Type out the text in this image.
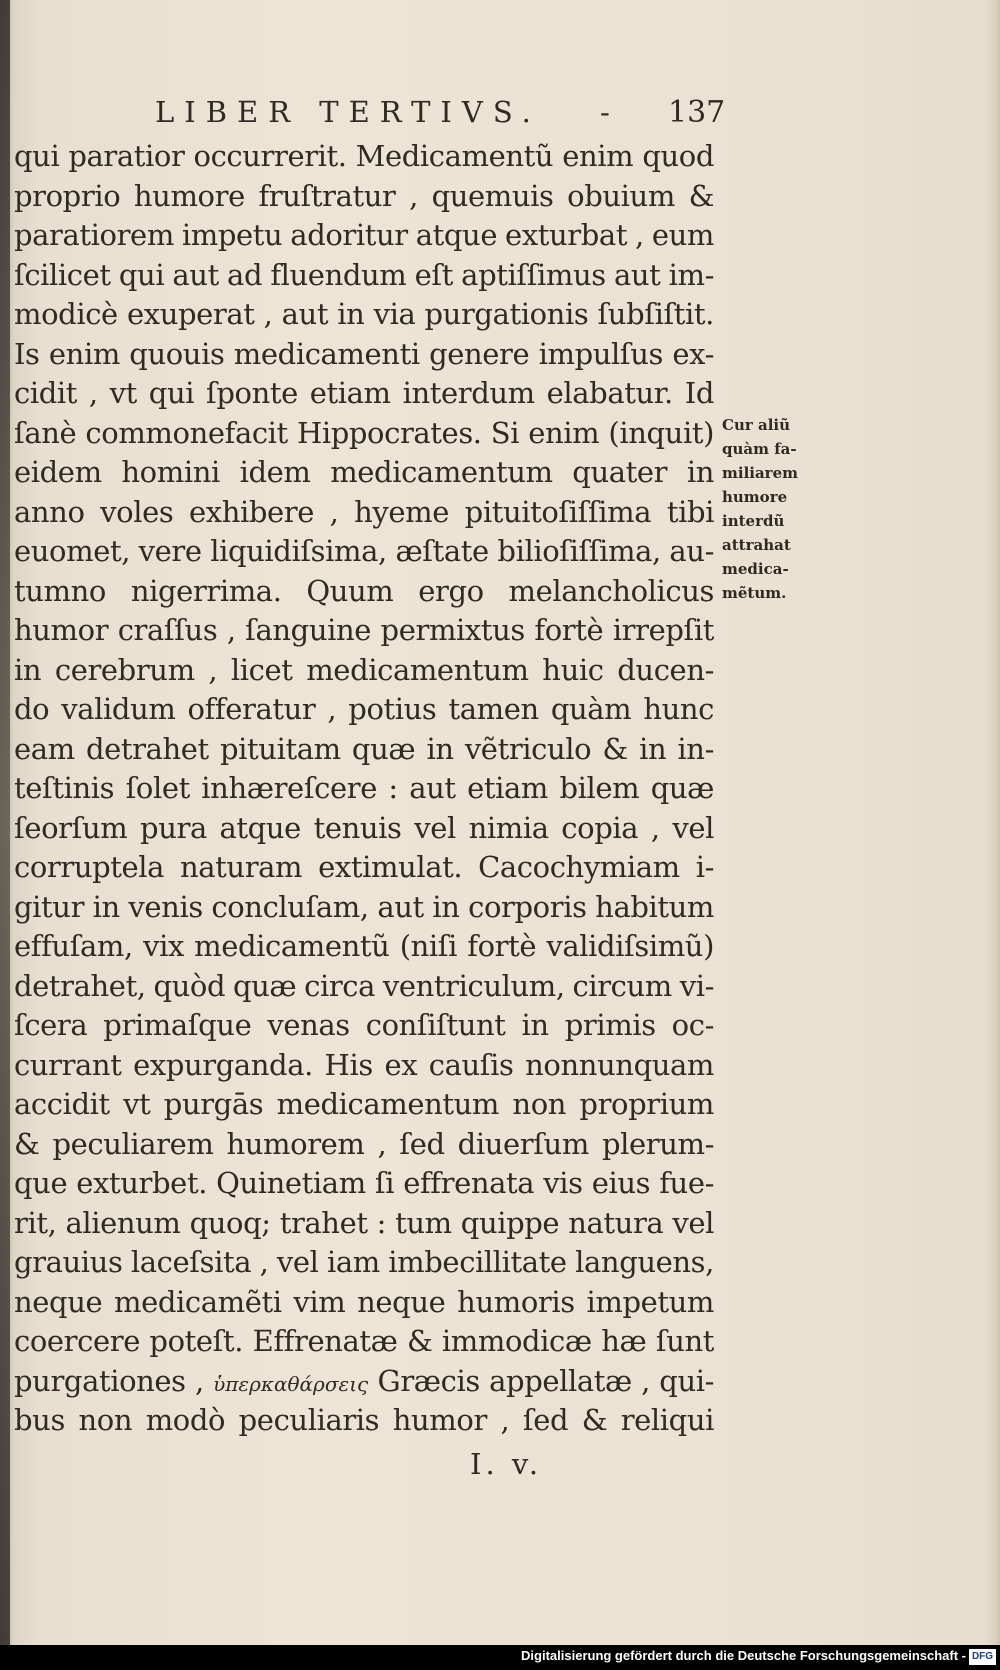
LIBER TERTIVS. - 137
qui paratior occurrerit. Medicamentũ enim quod
proprio humore fruſtratur , quemuis obuium &
paratiorem impetu adoritur atque exturbat , eum
ſcilicet qui aut ad fluendum eſt aptiſſimus aut im-
modicè exuperat , aut in via purgationis ſubſiſtit.
Is enim quouis medicamenti genere impulſus ex-
cidit , vt qui ſponte etiam interdum elabatur. Id
ſanè commonefacit Hippocrates. Si enim (inquit)
eidem homini idem medicamentum quater in
anno voles exhibere , hyeme pituitoſiſſima tibi
euomet, vere liquidiſsima, æſtate bilioſiſſima, au-
tumno nigerrima. Quum ergo melancholicus
humor craſſus , ſanguine permixtus fortè irrepſit
in cerebrum , licet medicamentum huic ducen-
do validum offeratur , potius tamen quàm hunc
eam detrahet pituitam quæ in vẽtriculo & in in-
teſtinis ſolet inhæreſcere : aut etiam bilem quæ
ſeorſum pura atque tenuis vel nimia copia , vel
corruptela naturam extimulat. Cacochymiam i-
gitur in venis concluſam, aut in corporis habitum
effuſam, vix medicamentũ (niſi fortè validiſsimũ)
detrahet, quòd quæ circa ventriculum, circum vi-
ſcera primaſque venas conſiſtunt in primis oc-
currant expurganda. His ex cauſis nonnunquam
accidit vt purgās medicamentum non proprium
& peculiarem humorem , ſed diuerſum plerum-
que exturbet. Quinetiam ſi effrenata vis eius fue-
rit, alienum quoq; trahet : tum quippe natura vel
grauius laceſsita , vel iam imbecillitate languens,
neque medicamẽti vim neque humoris impetum
coercere poteſt. Effrenatæ & immodicæ hæ ſunt
purgationes , ὑπερκαθάρσεις Græcis appellatæ , qui-
bus non modò peculiaris humor , ſed & reliqui
I. v.
Cur aliũ
quàm fa-
miliarem
humore
interdũ
attrahat
medica-
mẽtum.
Digitalisierung gefördert durch die Deutsche Forschungsgemeinschaft - DFG
